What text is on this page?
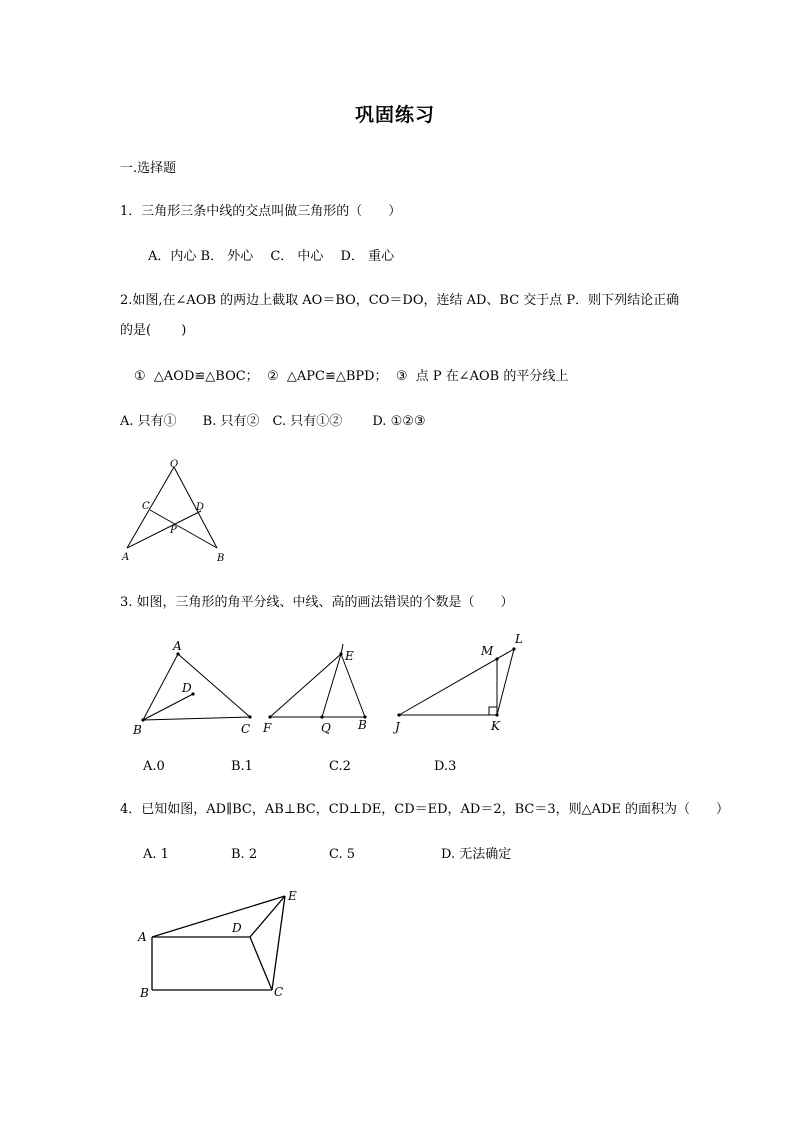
巩固练习
一.选择题
1．三角形三条中线的交点叫做三角形的（　　）
A．内心 B． 外心　 C． 中心　 D． 重心
2.如图,在∠AOB 的两边上截取 AO＝BO，CO＝DO，连结 AD、BC 交于点 P．则下列结论正确
的是(　　 )
①  △AOD≌△BOC；  ②  △APC≌△BPD；  ③  点 P 在∠AOB 的平分线上
A. 只有①　　B. 只有②　C. 只有①②　　 D. ①②③
O
C	D
P
A	B
3. 如图，三角形的角平分线、中线、高的画法错误的个数是（　　）
A
D
B	C
E
F	Q B
M
L
J	K
A.0	B.1	C.2	D.3
4．已知如图，AD∥BC，AB⊥BC，CD⊥DE，CD＝ED，AD＝2，BC＝3，则△ADE 的面积为（　　）
A. 1	B. 2	C. 5	D. 无法确定
A
B	C
D
E
